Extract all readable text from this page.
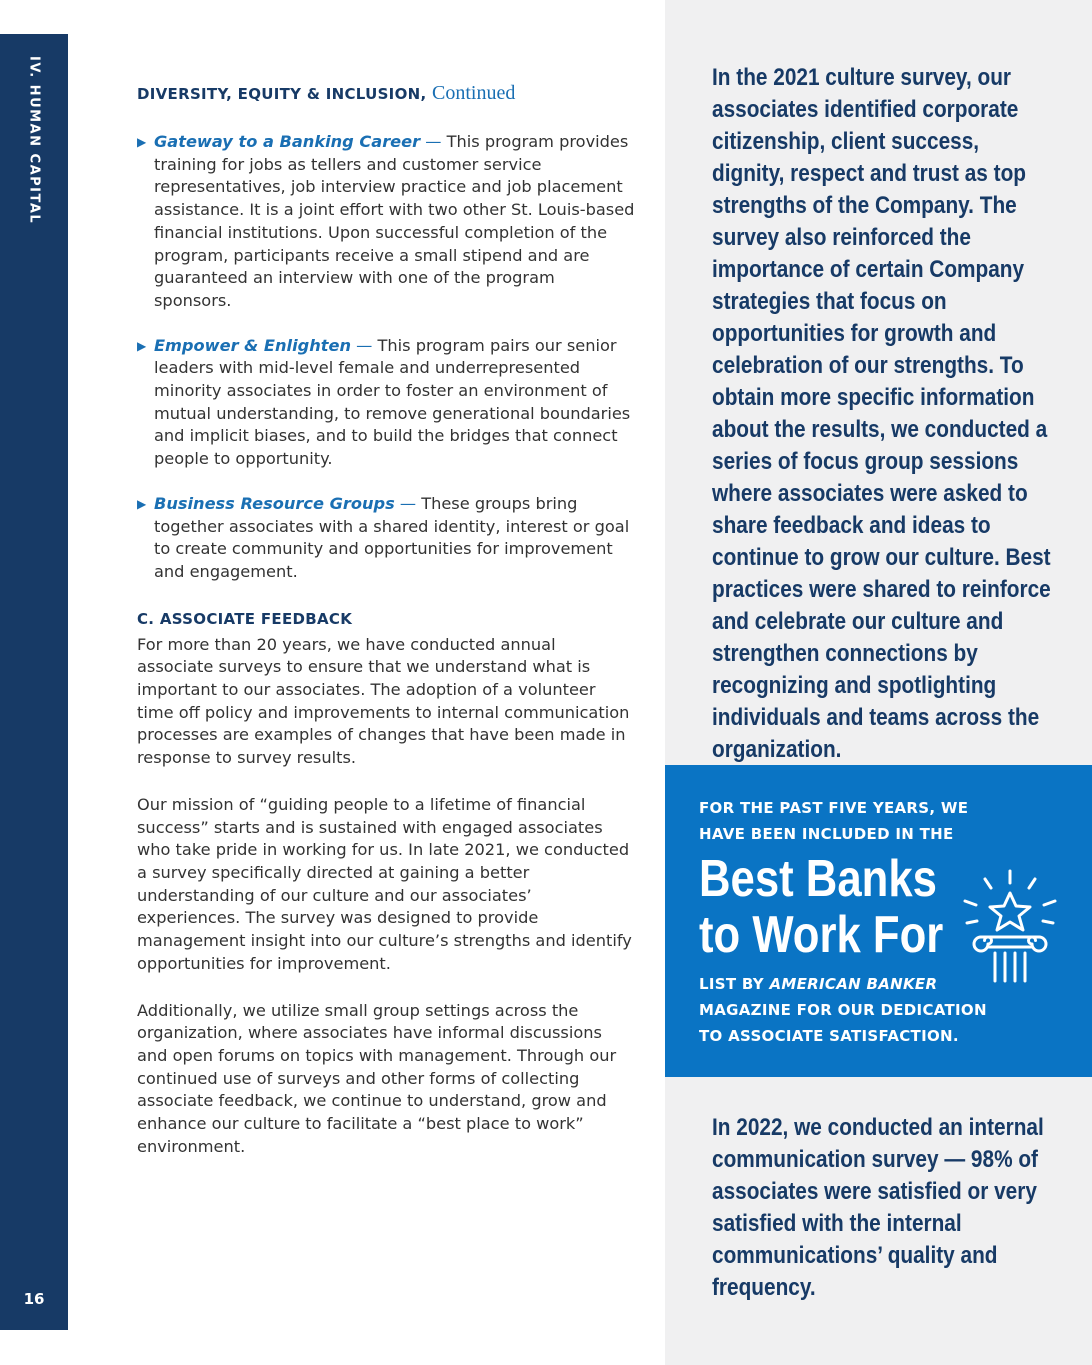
IV. HUMAN CAPITAL
16

DIVERSITY, EQUITY & INCLUSION, Continued

▶ Gateway to a Banking Career — This program provides training for jobs as tellers and customer service representatives, job interview practice and job placement assistance. It is a joint effort with two other St. Louis-based financial institutions. Upon successful completion of the program, participants receive a small stipend and are guaranteed an interview with one of the program sponsors.

▶ Empower & Enlighten — This program pairs our senior leaders with mid-level female and underrepresented minority associates in order to foster an environment of mutual understanding, to remove generational boundaries and implicit biases, and to build the bridges that connect people to opportunity.

▶ Business Resource Groups — These groups bring together associates with a shared identity, interest or goal to create community and opportunities for improvement and engagement.

C. ASSOCIATE FEEDBACK

For more than 20 years, we have conducted annual associate surveys to ensure that we understand what is important to our associates. The adoption of a volunteer time off policy and improvements to internal communication processes are examples of changes that have been made in response to survey results.

Our mission of “guiding people to a lifetime of financial success” starts and is sustained with engaged associates who take pride in working for us. In late 2021, we conducted a survey specifically directed at gaining a better understanding of our culture and our associates’ experiences. The survey was designed to provide management insight into our culture’s strengths and identify opportunities for improvement.

Additionally, we utilize small group settings across the organization, where associates have informal discussions and open forums on topics with management. Through our continued use of surveys and other forms of collecting associate feedback, we continue to understand, grow and enhance our culture to facilitate a “best place to work” environment.

In the 2021 culture survey, our associates identified corporate citizenship, client success, dignity, respect and trust as top strengths of the Company. The survey also reinforced the importance of certain Company strategies that focus on opportunities for growth and celebration of our strengths. To obtain more specific information about the results, we conducted a series of focus group sessions where associates were asked to share feedback and ideas to continue to grow our culture. Best practices were shared to reinforce and celebrate our culture and strengthen connections by recognizing and spotlighting individuals and teams across the organization.

FOR THE PAST FIVE YEARS, WE
HAVE BEEN INCLUDED IN THE

Best Banks
to Work For

LIST BY AMERICAN BANKER
MAGAZINE FOR OUR DEDICATION
TO ASSOCIATE SATISFACTION.

In 2022, we conducted an internal communication survey — 98% of associates were satisfied or very satisfied with the internal communications’ quality and frequency.
